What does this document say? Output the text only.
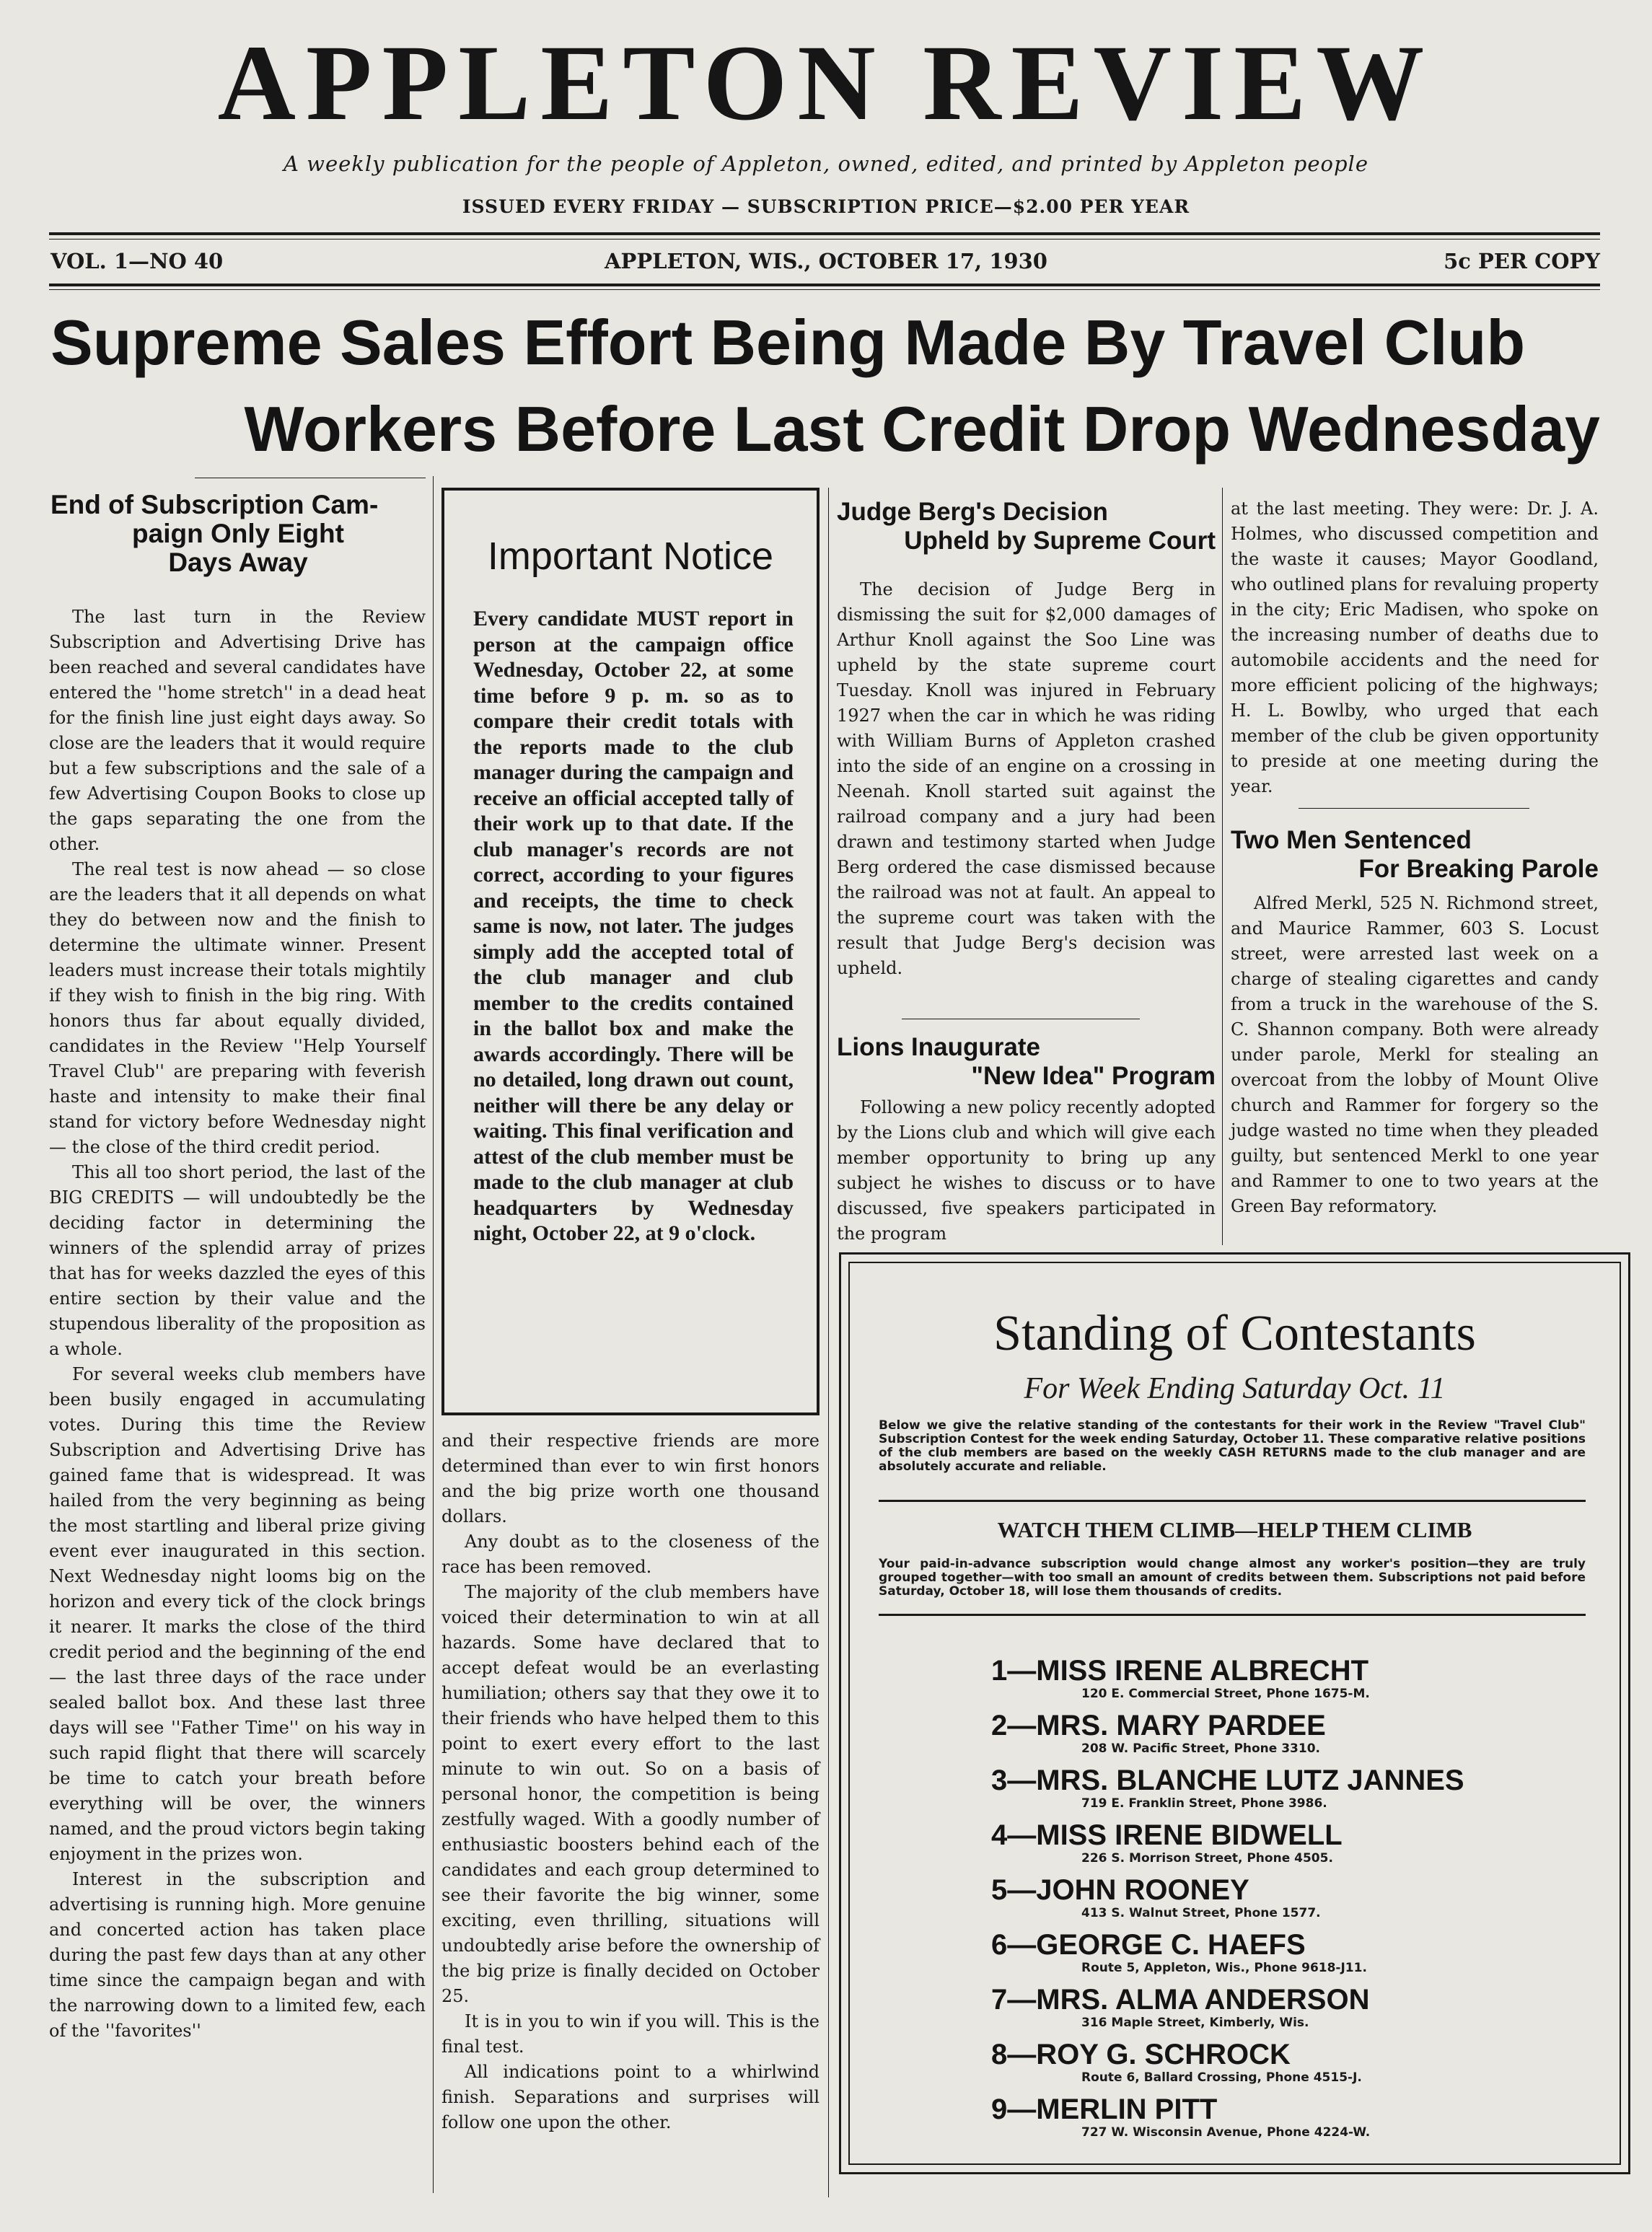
APPLETON REVIEW
A weekly publication for the people of Appleton, owned, edited, and printed by Appleton people
ISSUED EVERY FRIDAY — SUBSCRIPTION PRICE—$2.00 PER YEAR
VOL. 1—NO 40	APPLETON, WIS., OCTOBER 17, 1930	5c PER COPY
Supreme Sales Effort Being Made By Travel Club
Workers Before Last Credit Drop Wednesday
End of Subscription Cam-
paign Only Eight
Days Away

The last turn in the Review Subscription and Advertising Drive has been reached and several candidates have entered the ''home stretch'' in a dead heat for the finish line just eight days away. So close are the leaders that it would require but a few subscriptions and the sale of a few Advertising Coupon Books to close up the gaps separating the one from the other.

The real test is now ahead — so close are the leaders that it all depends on what they do between now and the finish to determine the ultimate winner. Present leaders must increase their totals mightily if they wish to finish in the big ring. With honors thus far about equally divided, candidates in the Review ''Help Yourself Travel Club'' are preparing with feverish haste and intensity to make their final stand for victory before Wednesday night — the close of the third credit period.

This all too short period, the last of the BIG CREDITS — will undoubtedly be the deciding factor in determining the winners of the splendid array of prizes that has for weeks dazzled the eyes of this entire section by their value and the stupendous liberality of the proposition as a whole.

For several weeks club members have been busily engaged in accumulating votes. During this time the Review Subscription and Advertising Drive has gained fame that is widespread. It was hailed from the very beginning as being the most startling and liberal prize giving event ever inaugurated in this section. Next Wednesday night looms big on the horizon and every tick of the clock brings it nearer. It marks the close of the third credit period and the beginning of the end — the last three days of the race under sealed ballot box. And these last three days will see ''Father Time'' on his way in such rapid flight that there will scarcely be time to catch your breath before everything will be over, the winners named, and the proud victors begin taking enjoyment in the prizes won.

Interest in the subscription and advertising is running high. More genuine and concerted action has taken place during the past few days than at any other time since the campaign began and with the narrowing down to a limited few, each of the ''favorites''

Important Notice
Every candidate MUST report in person at the campaign office Wednesday, October 22, at some time before 9 p. m. so as to compare their credit totals with the reports made to the club manager during the campaign and receive an official accepted tally of their work up to that date. If the club manager's records are not correct, according to your figures and receipts, the time to check same is now, not later. The judges simply add the accepted total of the club manager and club member to the credits contained in the ballot box and make the awards accordingly. There will be no detailed, long drawn out count, neither will there be any delay or waiting. This final verification and attest of the club member must be made to the club manager at club headquarters by Wednesday night, October 22, at 9 o'clock.

and their respective friends are more determined than ever to win first honors and the big prize worth one thousand dollars.

Any doubt as to the closeness of the race has been removed.

The majority of the club members have voiced their determination to win at all hazards. Some have declared that to accept defeat would be an everlasting humiliation; others say that they owe it to their friends who have helped them to this point to exert every effort to the last minute to win out. So on a basis of personal honor, the competition is being zestfully waged. With a goodly number of enthusiastic boosters behind each of the candidates and each group determined to see their favorite the big winner, some exciting, even thrilling, situations will undoubtedly arise before the ownership of the big prize is finally decided on October 25.

It is in you to win if you will. This is the final test.

All indications point to a whirlwind finish. Separations and surprises will follow one upon the other.

Judge Berg's Decision
Upheld by Supreme Court

The decision of Judge Berg in dismissing the suit for $2,000 damages of Arthur Knoll against the Soo Line was upheld by the state supreme court Tuesday. Knoll was injured in February 1927 when the car in which he was riding with William Burns of Appleton crashed into the side of an engine on a crossing in Neenah. Knoll started suit against the railroad company and a jury had been drawn and testimony started when Judge Berg ordered the case dismissed because the railroad was not at fault. An appeal to the supreme court was taken with the result that Judge Berg's decision was upheld.

Lions Inaugurate
"New Idea" Program

Following a new policy recently adopted by the Lions club and which will give each member opportunity to bring up any subject he wishes to discuss or to have discussed, five speakers participated in the program

at the last meeting. They were: Dr. J. A. Holmes, who discussed competition and the waste it causes; Mayor Goodland, who outlined plans for revaluing property in the city; Eric Madisen, who spoke on the increasing number of deaths due to automobile accidents and the need for more efficient policing of the highways; H. L. Bowlby, who urged that each member of the club be given opportunity to preside at one meeting during the year.

Two Men Sentenced
For Breaking Parole

Alfred Merkl, 525 N. Richmond street, and Maurice Rammer, 603 S. Locust street, were arrested last week on a charge of stealing cigarettes and candy from a truck in the warehouse of the S. C. Shannon company. Both were already under parole, Merkl for stealing an overcoat from the lobby of Mount Olive church and Rammer for forgery so the judge wasted no time when they pleaded guilty, but sentenced Merkl to one year and Rammer to one to two years at the Green Bay reformatory.

Standing of Contestants
For Week Ending Saturday Oct. 11
Below we give the relative standing of the contestants for their work in the Review "Travel Club" Subscription Contest for the week ending Saturday, October 11. These comparative relative positions of the club members are based on the weekly CASH RETURNS made to the club manager and are absolutely accurate and reliable.
WATCH THEM CLIMB—HELP THEM CLIMB
Your paid-in-advance subscription would change almost any worker's position—they are truly grouped together—with too small an amount of credits between them. Subscriptions not paid before Saturday, October 18, will lose them thousands of credits.
1—MISS IRENE ALBRECHT
120 E. Commercial Street, Phone 1675-M.
2—MRS. MARY PARDEE
208 W. Pacific Street, Phone 3310.
3—MRS. BLANCHE LUTZ JANNES
719 E. Franklin Street, Phone 3986.
4—MISS IRENE BIDWELL
226 S. Morrison Street, Phone 4505.
5—JOHN ROONEY
413 S. Walnut Street, Phone 1577.
6—GEORGE C. HAEFS
Route 5, Appleton, Wis., Phone 9618-J11.
7—MRS. ALMA ANDERSON
316 Maple Street, Kimberly, Wis.
8—ROY G. SCHROCK
Route 6, Ballard Crossing, Phone 4515-J.
9—MERLIN PITT
727 W. Wisconsin Avenue, Phone 4224-W.
